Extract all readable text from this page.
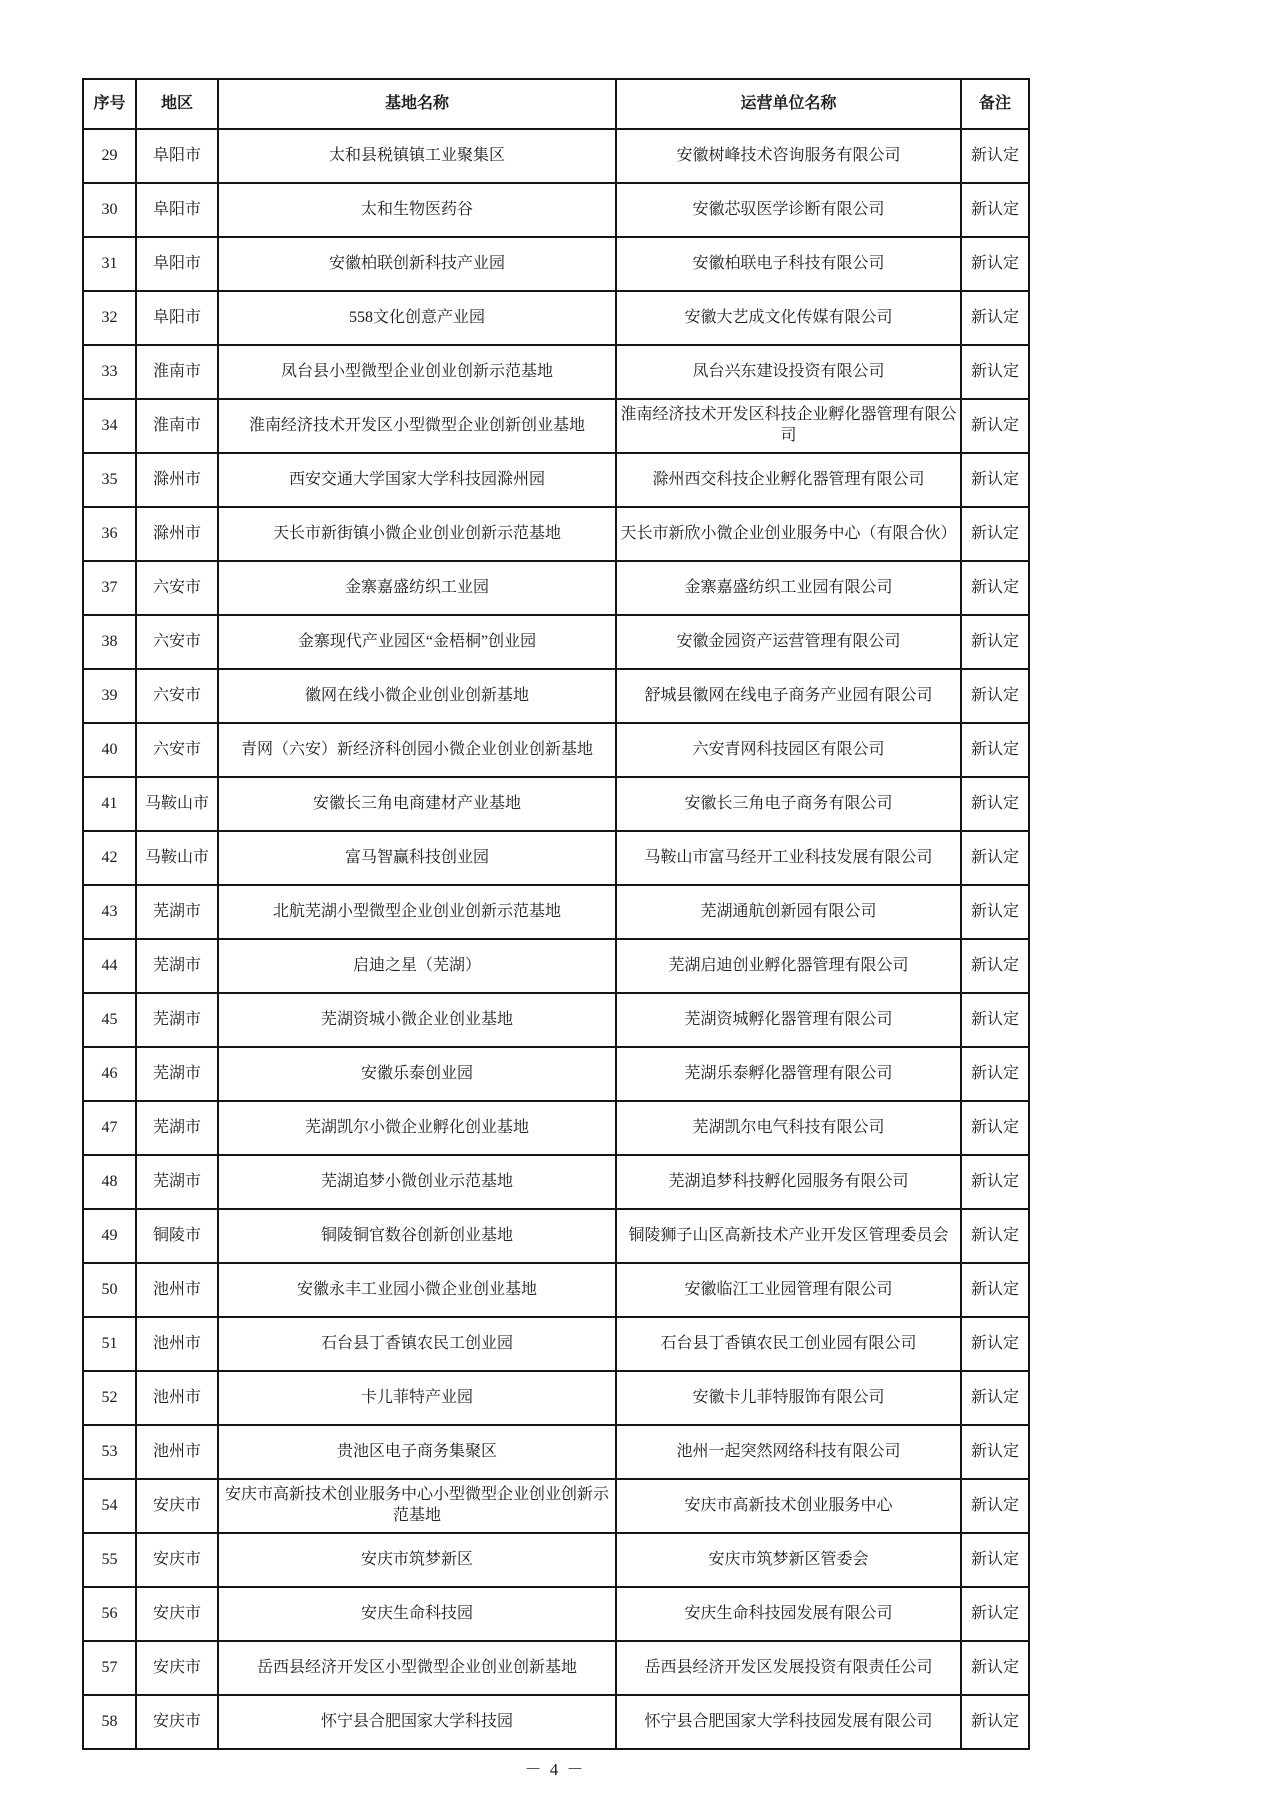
序号	地区	基地名称	运营单位名称	备注
29	阜阳市	太和县税镇镇工业聚集区	安徽树峰技术咨询服务有限公司	新认定
30	阜阳市	太和生物医药谷	安徽芯驭医学诊断有限公司	新认定
31	阜阳市	安徽柏联创新科技产业园	安徽柏联电子科技有限公司	新认定
32	阜阳市	558文化创意产业园	安徽大艺成文化传媒有限公司	新认定
33	淮南市	凤台县小型微型企业创业创新示范基地	凤台兴东建设投资有限公司	新认定
34	淮南市	淮南经济技术开发区小型微型企业创新创业基地	淮南经济技术开发区科技企业孵化器管理有限公司	新认定
35	滁州市	西安交通大学国家大学科技园滁州园	滁州西交科技企业孵化器管理有限公司	新认定
36	滁州市	天长市新街镇小微企业创业创新示范基地	天长市新欣小微企业创业服务中心（有限合伙）	新认定
37	六安市	金寨嘉盛纺织工业园	金寨嘉盛纺织工业园有限公司	新认定
38	六安市	金寨现代产业园区“金梧桐”创业园	安徽金园资产运营管理有限公司	新认定
39	六安市	徽网在线小微企业创业创新基地	舒城县徽网在线电子商务产业园有限公司	新认定
40	六安市	青网（六安）新经济科创园小微企业创业创新基地	六安青网科技园区有限公司	新认定
41	马鞍山市	安徽长三角电商建材产业基地	安徽长三角电子商务有限公司	新认定
42	马鞍山市	富马智赢科技创业园	马鞍山市富马经开工业科技发展有限公司	新认定
43	芜湖市	北航芜湖小型微型企业创业创新示范基地	芜湖通航创新园有限公司	新认定
44	芜湖市	启迪之星（芜湖）	芜湖启迪创业孵化器管理有限公司	新认定
45	芜湖市	芜湖资城小微企业创业基地	芜湖资城孵化器管理有限公司	新认定
46	芜湖市	安徽乐泰创业园	芜湖乐泰孵化器管理有限公司	新认定
47	芜湖市	芜湖凯尔小微企业孵化创业基地	芜湖凯尔电气科技有限公司	新认定
48	芜湖市	芜湖追梦小微创业示范基地	芜湖追梦科技孵化园服务有限公司	新认定
49	铜陵市	铜陵铜官数谷创新创业基地	铜陵狮子山区高新技术产业开发区管理委员会	新认定
50	池州市	安徽永丰工业园小微企业创业基地	安徽临江工业园管理有限公司	新认定
51	池州市	石台县丁香镇农民工创业园	石台县丁香镇农民工创业园有限公司	新认定
52	池州市	卡儿菲特产业园	安徽卡儿菲特服饰有限公司	新认定
53	池州市	贵池区电子商务集聚区	池州一起突然网络科技有限公司	新认定
54	安庆市	安庆市高新技术创业服务中心小型微型企业创业创新示范基地	安庆市高新技术创业服务中心	新认定
55	安庆市	安庆市筑梦新区	安庆市筑梦新区管委会	新认定
56	安庆市	安庆生命科技园	安庆生命科技园发展有限公司	新认定
57	安庆市	岳西县经济开发区小型微型企业创业创新基地	岳西县经济开发区发展投资有限责任公司	新认定
58	安庆市	怀宁县合肥国家大学科技园	怀宁县合肥国家大学科技园发展有限公司	新认定
－ 4 －
